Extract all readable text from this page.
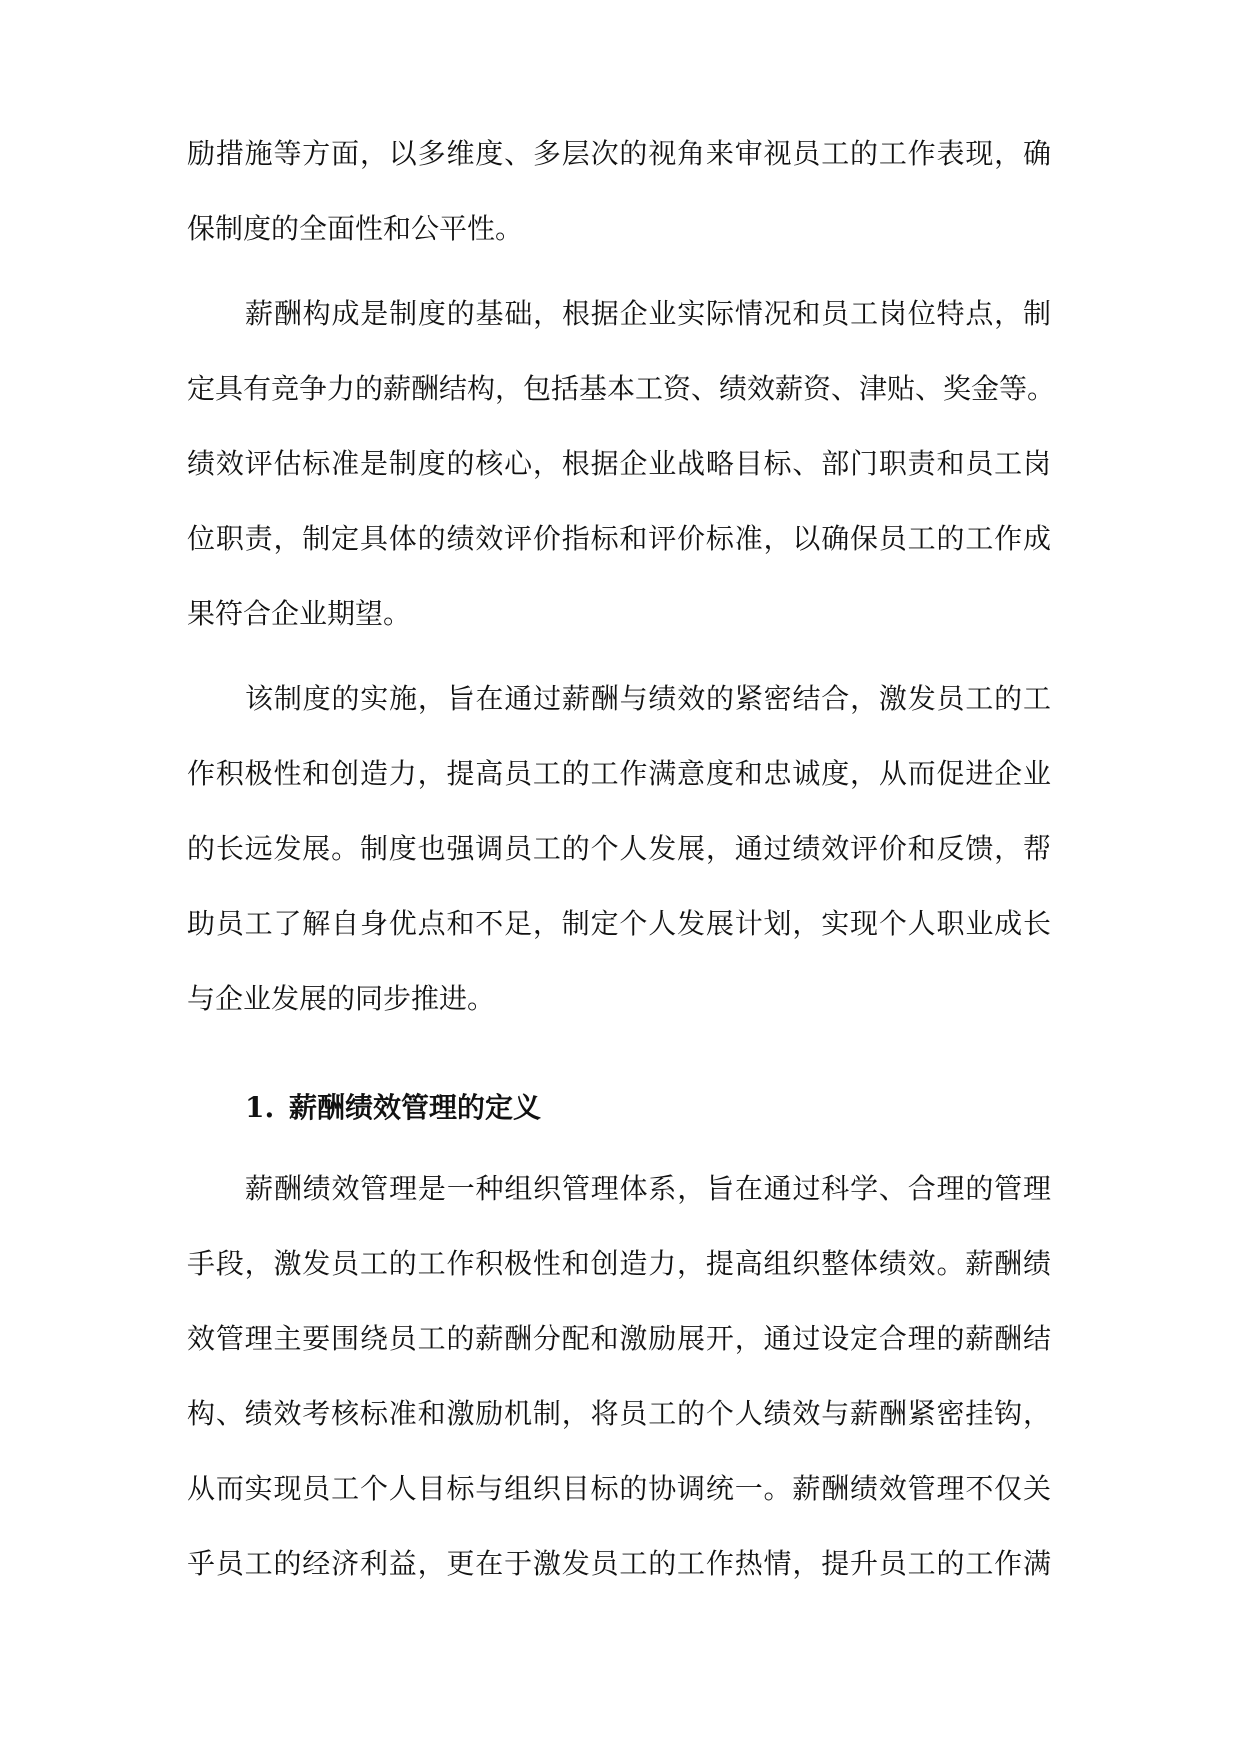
励措施等方面，以多维度、多层次的视角来审视员工的工作表现，确
保制度的全面性和公平性。
薪酬构成是制度的基础，根据企业实际情况和员工岗位特点，制
定具有竞争力的薪酬结构，包括基本工资、绩效薪资、津贴、奖金等。
绩效评估标准是制度的核心，根据企业战略目标、部门职责和员工岗
位职责，制定具体的绩效评价指标和评价标准，以确保员工的工作成
果符合企业期望。
该制度的实施，旨在通过薪酬与绩效的紧密结合，激发员工的工
作积极性和创造力，提高员工的工作满意度和忠诚度，从而促进企业
的长远发展。制度也强调员工的个人发展，通过绩效评价和反馈，帮
助员工了解自身优点和不足，制定个人发展计划，实现个人职业成长
与企业发展的同步推进。
1. 薪酬绩效管理的定义
薪酬绩效管理是一种组织管理体系，旨在通过科学、合理的管理
手段，激发员工的工作积极性和创造力，提高组织整体绩效。薪酬绩
效管理主要围绕员工的薪酬分配和激励展开，通过设定合理的薪酬结
构、绩效考核标准和激励机制，将员工的个人绩效与薪酬紧密挂钩，
从而实现员工个人目标与组织目标的协调统一。薪酬绩效管理不仅关
乎员工的经济利益，更在于激发员工的工作热情，提升员工的工作满
